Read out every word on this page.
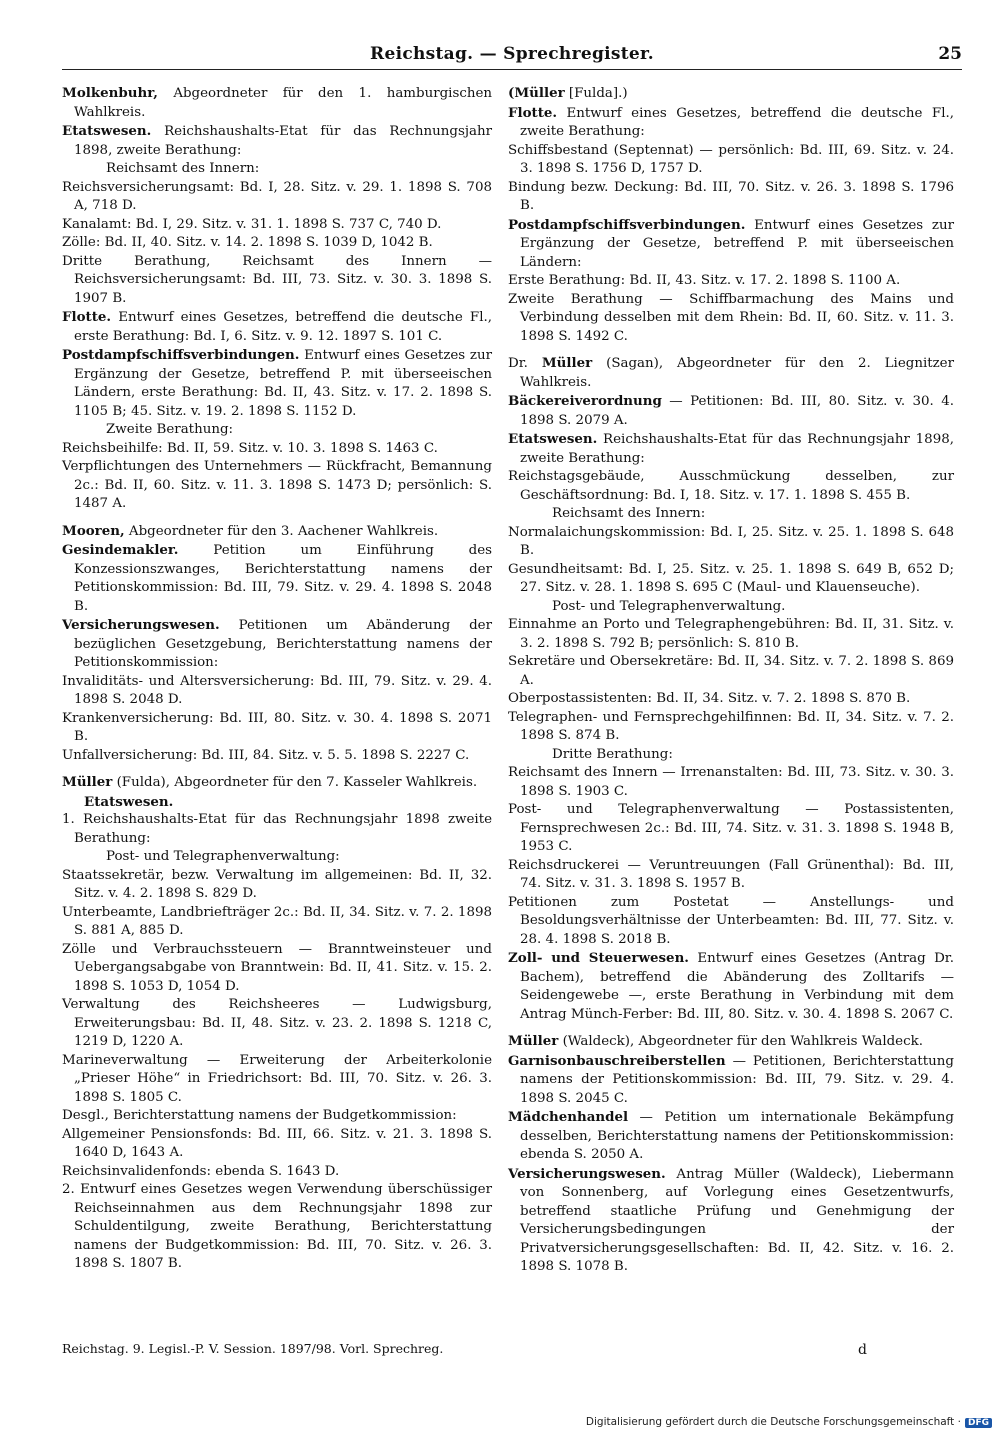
Reichstag. — Sprechregister.	25

Molkenbuhr, Abgeordneter für den 1. hamburgischen Wahlkreis.

Etatswesen. Reichshaushalts-Etat für das Rechnungsjahr 1898, zweite Berathung:

Reichsamt des Innern:

Reichsversicherungsamt: Bd. I, 28. Sitz. v. 29. 1. 1898 S. 708 A, 718 D.

Kanalamt: Bd. I, 29. Sitz. v. 31. 1. 1898 S. 737 C, 740 D.

Zölle: Bd. II, 40. Sitz. v. 14. 2. 1898 S. 1039 D, 1042 B.

Dritte Berathung, Reichsamt des Innern — Reichsversicherungsamt: Bd. III, 73. Sitz. v. 30. 3. 1898 S. 1907 B.

Flotte. Entwurf eines Gesetzes, betreffend die deutsche Fl., erste Berathung: Bd. I, 6. Sitz. v. 9. 12. 1897 S. 101 C.

Postdampfschiffsverbindungen. Entwurf eines Gesetzes zur Ergänzung der Gesetze, betreffend P. mit überseeischen Ländern, erste Berathung: Bd. II, 43. Sitz. v. 17. 2. 1898 S. 1105 B; 45. Sitz. v. 19. 2. 1898 S. 1152 D.

Zweite Berathung:

Reichsbeihilfe: Bd. II, 59. Sitz. v. 10. 3. 1898 S. 1463 C.

Verpflichtungen des Unternehmers — Rückfracht, Bemannung 2c.: Bd. II, 60. Sitz. v. 11. 3. 1898 S. 1473 D; persönlich: S. 1487 A.

Mooren, Abgeordneter für den 3. Aachener Wahlkreis.

Gesindemakler. Petition um Einführung des Konzessionszwanges, Berichterstattung namens der Petitionskommission: Bd. III, 79. Sitz. v. 29. 4. 1898 S. 2048 B.

Versicherungswesen. Petitionen um Abänderung der bezüglichen Gesetzgebung, Berichterstattung namens der Petitionskommission:

Invaliditäts- und Altersversicherung: Bd. III, 79. Sitz. v. 29. 4. 1898 S. 2048 D.

Krankenversicherung: Bd. III, 80. Sitz. v. 30. 4. 1898 S. 2071 B.

Unfallversicherung: Bd. III, 84. Sitz. v. 5. 5. 1898 S. 2227 C.

Müller (Fulda), Abgeordneter für den 7. Kasseler Wahlkreis.

Etatswesen.

1. Reichshaushalts-Etat für das Rechnungsjahr 1898 zweite Berathung:

Post- und Telegraphenverwaltung:

Staatssekretär, bezw. Verwaltung im allgemeinen: Bd. II, 32. Sitz. v. 4. 2. 1898 S. 829 D.

Unterbeamte, Landbriefträger 2c.: Bd. II, 34. Sitz. v. 7. 2. 1898 S. 881 A, 885 D.

Zölle und Verbrauchssteuern — Branntweinsteuer und Uebergangsabgabe von Branntwein: Bd. II, 41. Sitz. v. 15. 2. 1898 S. 1053 D, 1054 D.

Verwaltung des Reichsheeres — Ludwigsburg, Erweiterungsbau: Bd. II, 48. Sitz. v. 23. 2. 1898 S. 1218 C, 1219 D, 1220 A.

Marineverwaltung — Erweiterung der Arbeiterkolonie „Prieser Höhe“ in Friedrichsort: Bd. III, 70. Sitz. v. 26. 3. 1898 S. 1805 C.

Desgl., Berichterstattung namens der Budgetkommission:

Allgemeiner Pensionsfonds: Bd. III, 66. Sitz. v. 21. 3. 1898 S. 1640 D, 1643 A.

Reichsinvalidenfonds: ebenda S. 1643 D.

2. Entwurf eines Gesetzes wegen Verwendung überschüssiger Reichseinnahmen aus dem Rechnungsjahr 1898 zur Schuldentilgung, zweite Berathung, Berichterstattung namens der Budgetkommission: Bd. III, 70. Sitz. v. 26. 3. 1898 S. 1807 B.

(Müller [Fulda].)

Flotte. Entwurf eines Gesetzes, betreffend die deutsche Fl., zweite Berathung:

Schiffsbestand (Septennat) — persönlich: Bd. III, 69. Sitz. v. 24. 3. 1898 S. 1756 D, 1757 D.

Bindung bezw. Deckung: Bd. III, 70. Sitz. v. 26. 3. 1898 S. 1796 B.

Postdampfschiffsverbindungen. Entwurf eines Gesetzes zur Ergänzung der Gesetze, betreffend P. mit überseeischen Ländern:

Erste Berathung: Bd. II, 43. Sitz. v. 17. 2. 1898 S. 1100 A.

Zweite Berathung — Schiffbarmachung des Mains und Verbindung desselben mit dem Rhein: Bd. II, 60. Sitz. v. 11. 3. 1898 S. 1492 C.

Dr. Müller (Sagan), Abgeordneter für den 2. Liegnitzer Wahlkreis.

Bäckereiverordnung — Petitionen: Bd. III, 80. Sitz. v. 30. 4. 1898 S. 2079 A.

Etatswesen. Reichshaushalts-Etat für das Rechnungsjahr 1898, zweite Berathung:

Reichstagsgebäude, Ausschmückung desselben, zur Geschäftsordnung: Bd. I, 18. Sitz. v. 17. 1. 1898 S. 455 B.

Reichsamt des Innern:

Normalaichungskommission: Bd. I, 25. Sitz. v. 25. 1. 1898 S. 648 B.

Gesundheitsamt: Bd. I, 25. Sitz. v. 25. 1. 1898 S. 649 B, 652 D; 27. Sitz. v. 28. 1. 1898 S. 695 C (Maul- und Klauenseuche).

Post- und Telegraphenverwaltung.

Einnahme an Porto und Telegraphengebühren: Bd. II, 31. Sitz. v. 3. 2. 1898 S. 792 B; persönlich: S. 810 B.

Sekretäre und Obersekretäre: Bd. II, 34. Sitz. v. 7. 2. 1898 S. 869 A.

Oberpostassistenten: Bd. II, 34. Sitz. v. 7. 2. 1898 S. 870 B.

Telegraphen- und Fernsprechgehilfinnen: Bd. II, 34. Sitz. v. 7. 2. 1898 S. 874 B.

Dritte Berathung:

Reichsamt des Innern — Irrenanstalten: Bd. III, 73. Sitz. v. 30. 3. 1898 S. 1903 C.

Post- und Telegraphenverwaltung — Postassistenten, Fernsprechwesen 2c.: Bd. III, 74. Sitz. v. 31. 3. 1898 S. 1948 B, 1953 C.

Reichsdruckerei — Veruntreuungen (Fall Grünenthal): Bd. III, 74. Sitz. v. 31. 3. 1898 S. 1957 B.

Petitionen zum Postetat — Anstellungs- und Besoldungsverhältnisse der Unterbeamten: Bd. III, 77. Sitz. v. 28. 4. 1898 S. 2018 B.

Zoll- und Steuerwesen. Entwurf eines Gesetzes (Antrag Dr. Bachem), betreffend die Abänderung des Zolltarifs — Seidengewebe —, erste Berathung in Verbindung mit dem Antrag Münch-Ferber: Bd. III, 80. Sitz. v. 30. 4. 1898 S. 2067 C.

Müller (Waldeck), Abgeordneter für den Wahlkreis Waldeck.

Garnisonbauschreiberstellen — Petitionen, Berichterstattung namens der Petitionskommission: Bd. III, 79. Sitz. v. 29. 4. 1898 S. 2045 C.

Mädchenhandel — Petition um internationale Bekämpfung desselben, Berichterstattung namens der Petitionskommission: ebenda S. 2050 A.

Versicherungswesen. Antrag Müller (Waldeck), Liebermann von Sonnenberg, auf Vorlegung eines Gesetzentwurfs, betreffend staatliche Prüfung und Genehmigung der Versicherungsbedingungen der Privatversicherungsgesellschaften: Bd. II, 42. Sitz. v. 16. 2. 1898 S. 1078 B.

Reichstag. 9. Legisl.-P. V. Session. 1897/98. Vorl. Sprechreg.	d
Digitalisierung gefördert durch die Deutsche Forschungsgemeinschaft · DFG
